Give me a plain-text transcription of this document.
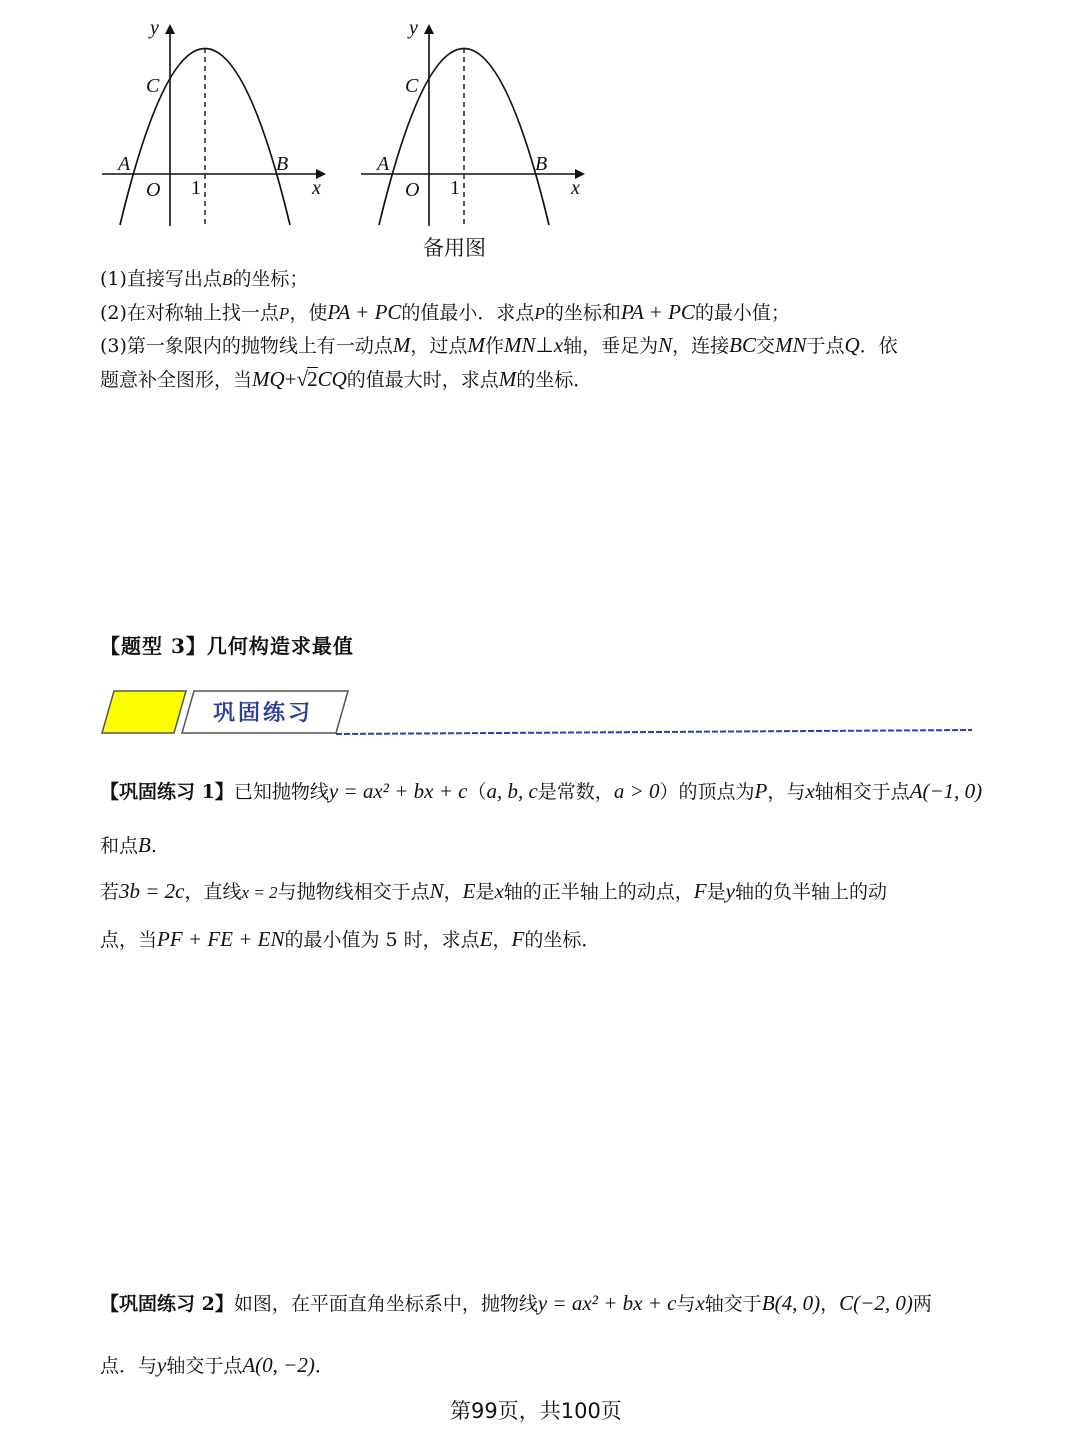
y
C
A	B
O 1	x
y
C
A	B
O 1	x
备用图
(1)直接写出点B的坐标；
(2)在对称轴上找一点P，使PA + PC的值最小．求点P的坐标和PA + PC的最小值；
(3)第一象限内的抛物线上有一动点M，过点M作MN⊥x轴，垂足为N，连接BC交MN于点Q．依
题意补全图形，当MQ+√2CQ的值最大时，求点M的坐标．
【题型 3】几何构造求最值
巩固练习
【巩固练习 1】已知抛物线y = ax² + bx + c（a, b, c是常数，a > 0）的顶点为P，与x轴相交于点A(−1, 0)
和点B.
若3b = 2c，直线x = 2与抛物线相交于点N，E是x轴的正半轴上的动点，F是y轴的负半轴上的动
点，当PF + FE + EN的最小值为 5 时，求点E，F的坐标．
【巩固练习 2】如图，在平面直角坐标系中，抛物线y = ax² + bx + c与x轴交于B(4, 0)，C(−2, 0)两
点．与y轴交于点A(0, −2)．
第99页，共100页
